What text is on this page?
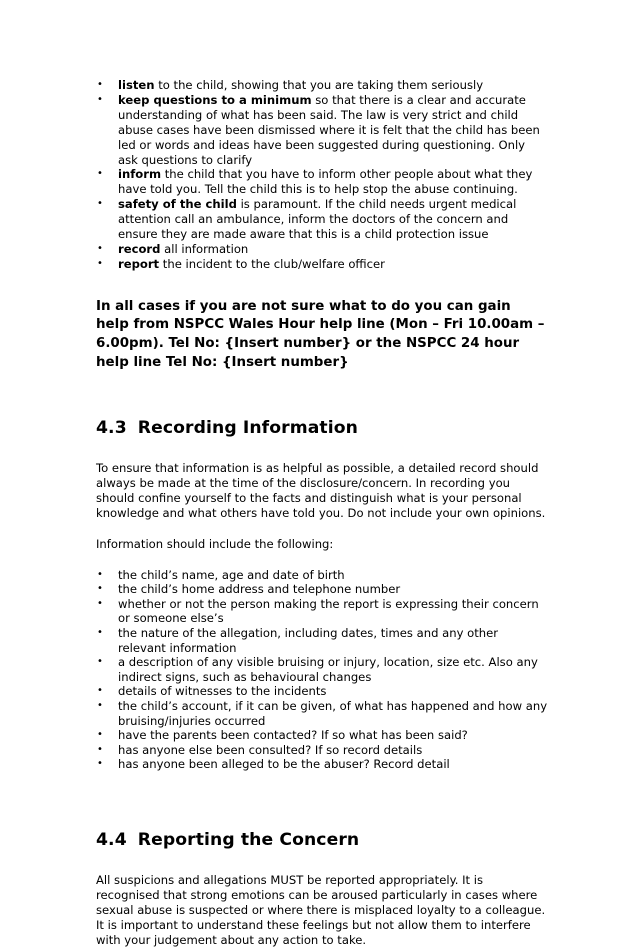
• listen to the child, showing that you are taking them seriously
• keep questions to a minimum so that there is a clear and accurate understanding of what has been said. The law is very strict and child abuse cases have been dismissed where it is felt that the child has been led or words and ideas have been suggested during questioning. Only ask questions to clarify
• inform the child that you have to inform other people about what they have told you. Tell the child this is to help stop the abuse continuing.
• safety of the child is paramount. If the child needs urgent medical attention call an ambulance, inform the doctors of the concern and ensure they are made aware that this is a child protection issue
• record all information
• report the incident to the club/welfare officer

In all cases if you are not sure what to do you can gain help from NSPCC Wales Hour help line (Mon – Fri 10.00am – 6.00pm). Tel No: {Insert number} or the NSPCC 24 hour help line Tel No: {Insert number}

4.3 Recording Information

To ensure that information is as helpful as possible, a detailed record should always be made at the time of the disclosure/concern. In recording you should confine yourself to the facts and distinguish what is your personal knowledge and what others have told you. Do not include your own opinions.

Information should include the following:

• the child’s name, age and date of birth
• the child’s home address and telephone number
• whether or not the person making the report is expressing their concern or someone else’s
• the nature of the allegation, including dates, times and any other relevant information
• a description of any visible bruising or injury, location, size etc. Also any indirect signs, such as behavioural changes
• details of witnesses to the incidents
• the child’s account, if it can be given, of what has happened and how any bruising/injuries occurred
• have the parents been contacted? If so what has been said?
• has anyone else been consulted? If so record details
• has anyone been alleged to be the abuser? Record detail
4.4 Reporting the Concern

All suspicions and allegations MUST be reported appropriately. It is recognised that strong emotions can be aroused particularly in cases where sexual abuse is suspected or where there is misplaced loyalty to a colleague. It is important to understand these feelings but not allow them to interfere with your judgement about any action to take.
